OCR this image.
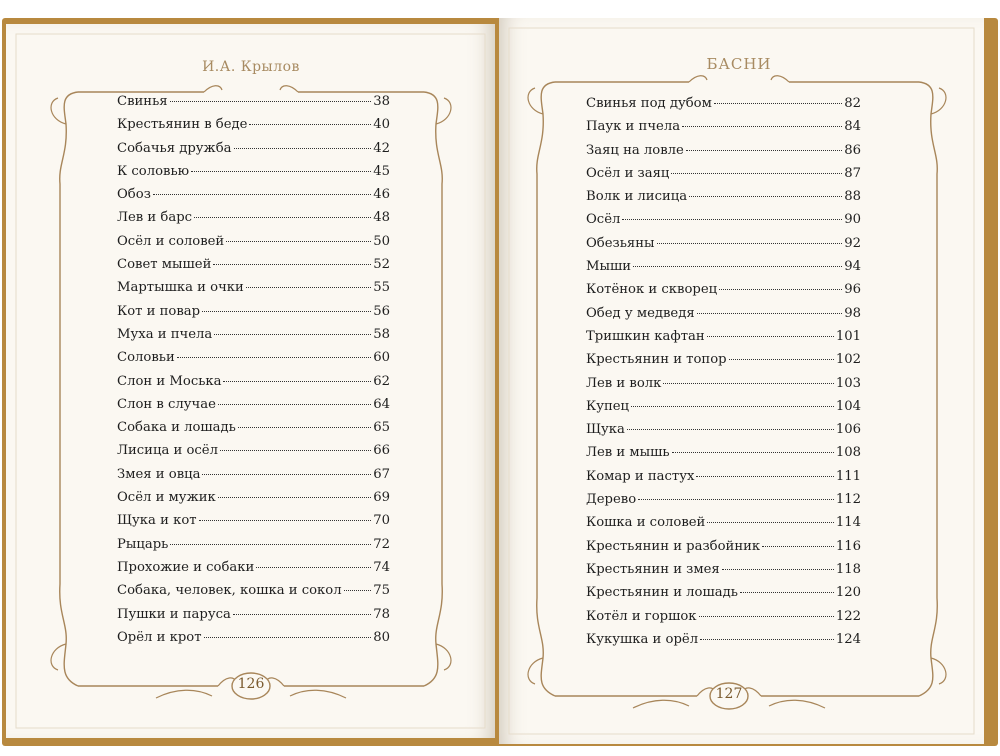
И.А. Крылов
Свинья	38
Крестьянин в беде	40
Собачья дружба	42
К соловью	45
Обоз	46
Лев и барс	48
Осёл и соловей	50
Совет мышей	52
Мартышка и очки	55
Кот и повар	56
Муха и пчела	58
Соловьи	60
Слон и Моська	62
Слон в случае	64
Собака и лошадь	65
Лисица и осёл	66
Змея и овца	67
Осёл и мужик	69
Щука и кот	70
Рыцарь	72
Прохожие и собаки	74
Собака, человек, кошка и сокол 75
Пушки и паруса	78
Орёл и крот	80
126
БАСНИ
Свинья под дубом	82
Паук и пчела	84
Заяц на ловле	86
Осёл и заяц	87
Волк и лисица	88
Осёл	90
Обезьяны	92
Мыши	94
Котёнок и скворец	96
Обед у медведя	98
Тришкин кафтан	101
Крестьянин и топор	102
Лев и волк	103
Купец	104
Щука	106
Лев и мышь	108
Комар и пастух	111
Дерево	112
Кошка и соловей	114
Крестьянин и разбойник	116
Крестьянин и змея	118
Крестьянин и лошадь	120
Котёл и горшок	122
Кукушка и орёл	124
127
